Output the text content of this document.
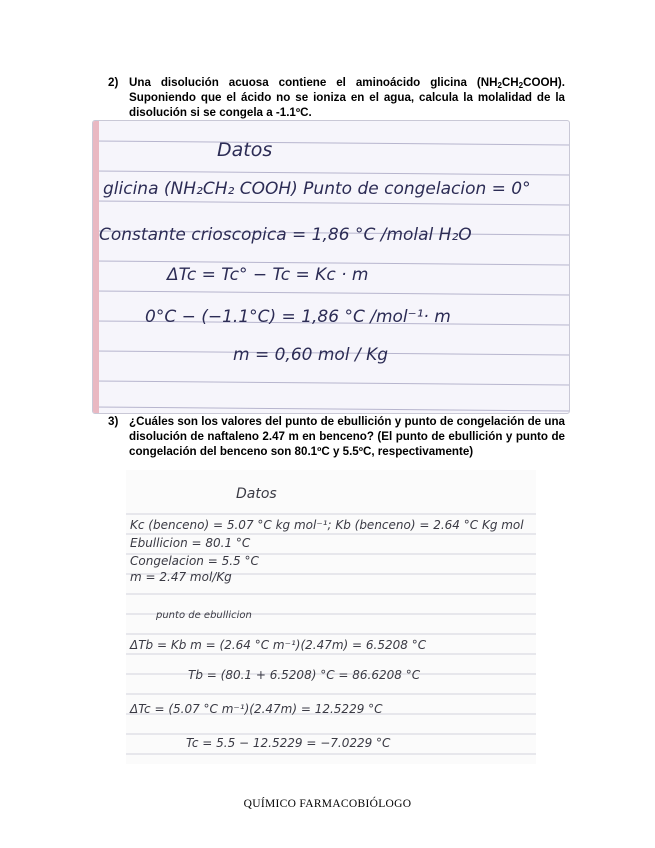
2) Una disolución acuosa contiene el aminoácido glicina $(NH_2CH_2COOH)$. Suponiendo que el ácido no se ioniza en el agua, calcula la molalidad de la disolución si se congela a -1.1ºC.
Datos
glicina (NH₂CH₂ COOH) Punto de congelacion = 0°
Constante crioscopica = 1,86 °C /molal H₂O
ΔTc = Tc° − Tc = Kc · m
0°C − (−1.1°C) = 1,86 °C /mol⁻¹· m
m = 0,60 mol / Kg
3) ¿Cuáles son los valores del punto de ebullición y punto de congelación de una disolución de naftaleno 2.47 m en benceno? (El punto de ebullición y punto de congelación del benceno son 80.1ºC y 5.5ºC, respectivamente)
Datos
Kc (benceno) = 5.07 °C kg mol⁻¹; Kb (benceno) = 2.64 °C Kg mol
Ebullicion = 80.1 °C
Congelacion = 5.5 °C
m = 2.47 mol/Kg
punto de ebullicion
ΔTb = Kb m = (2.64 °C m⁻¹)(2.47m) = 6.5208 °C
Tb = (80.1 + 6.5208) °C = 86.6208 °C
ΔTc = (5.07 °C m⁻¹)(2.47m) = 12.5229 °C
Tc = 5.5 − 12.5229 = −7.0229 °C
QUÍMICO FARMACOBIÓLOGO
